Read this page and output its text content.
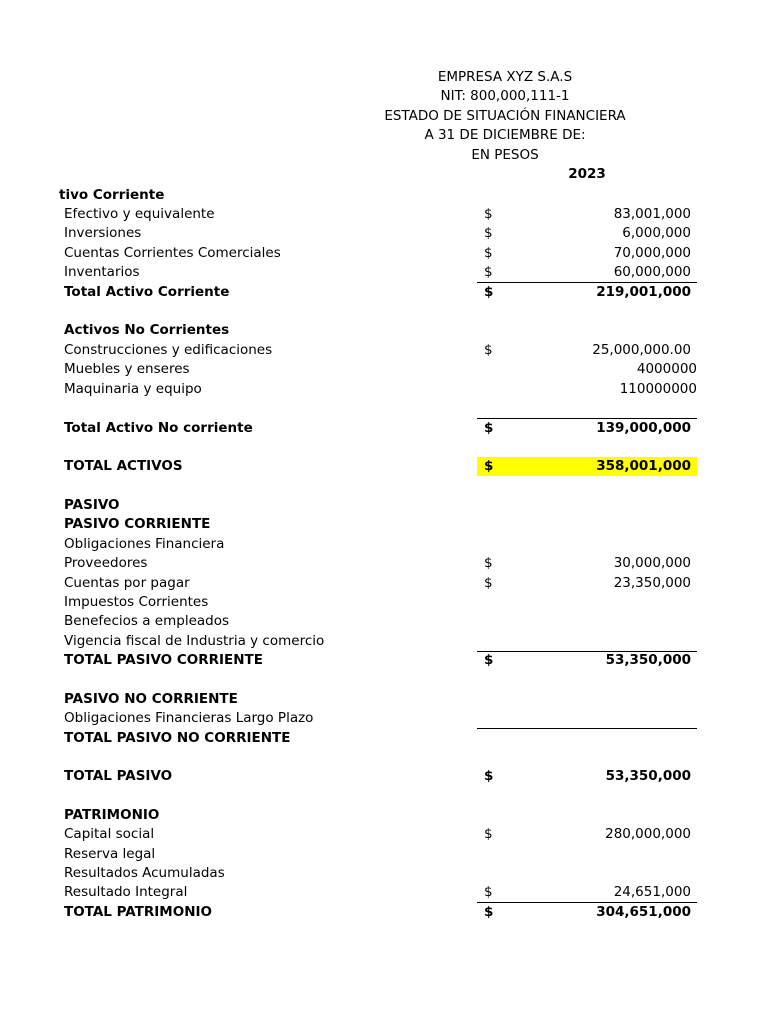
EMPRESA XYZ S.A.S
NIT: 800,000,111-1
ESTADO DE SITUACIÓN FINANCIERA
A 31 DE DICIEMBRE DE:
EN PESOS
2023
tivo Corriente
Efectivo y equivalente	$	83,001,000
Inversiones	$	6,000,000
Cuentas Corrientes Comerciales	$	70,000,000
Inventarios	$	60,000,000
Total Activo Corriente	$	219,001,000
Activos No Corrientes
Construcciones y edificaciones	$	25,000,000.00
Muebles y enseres	4000000
Maquinaria y equipo	110000000
Total Activo No corriente	$	139,000,000
TOTAL ACTIVOS	$	358,001,000
PASIVO
PASIVO CORRIENTE
Obligaciones Financiera
Proveedores	$	30,000,000
Cuentas por pagar	$	23,350,000
Impuestos Corrientes
Benefecios a empleados
Vigencia fiscal de Industria y comercio
TOTAL PASIVO CORRIENTE	$	53,350,000
PASIVO NO CORRIENTE
Obligaciones Financieras Largo Plazo
TOTAL PASIVO NO CORRIENTE
TOTAL PASIVO	$	53,350,000
PATRIMONIO
Capital social	$	280,000,000
Reserva legal
Resultados Acumuladas
Resultado Integral	$	24,651,000
TOTAL PATRIMONIO	$	304,651,000
